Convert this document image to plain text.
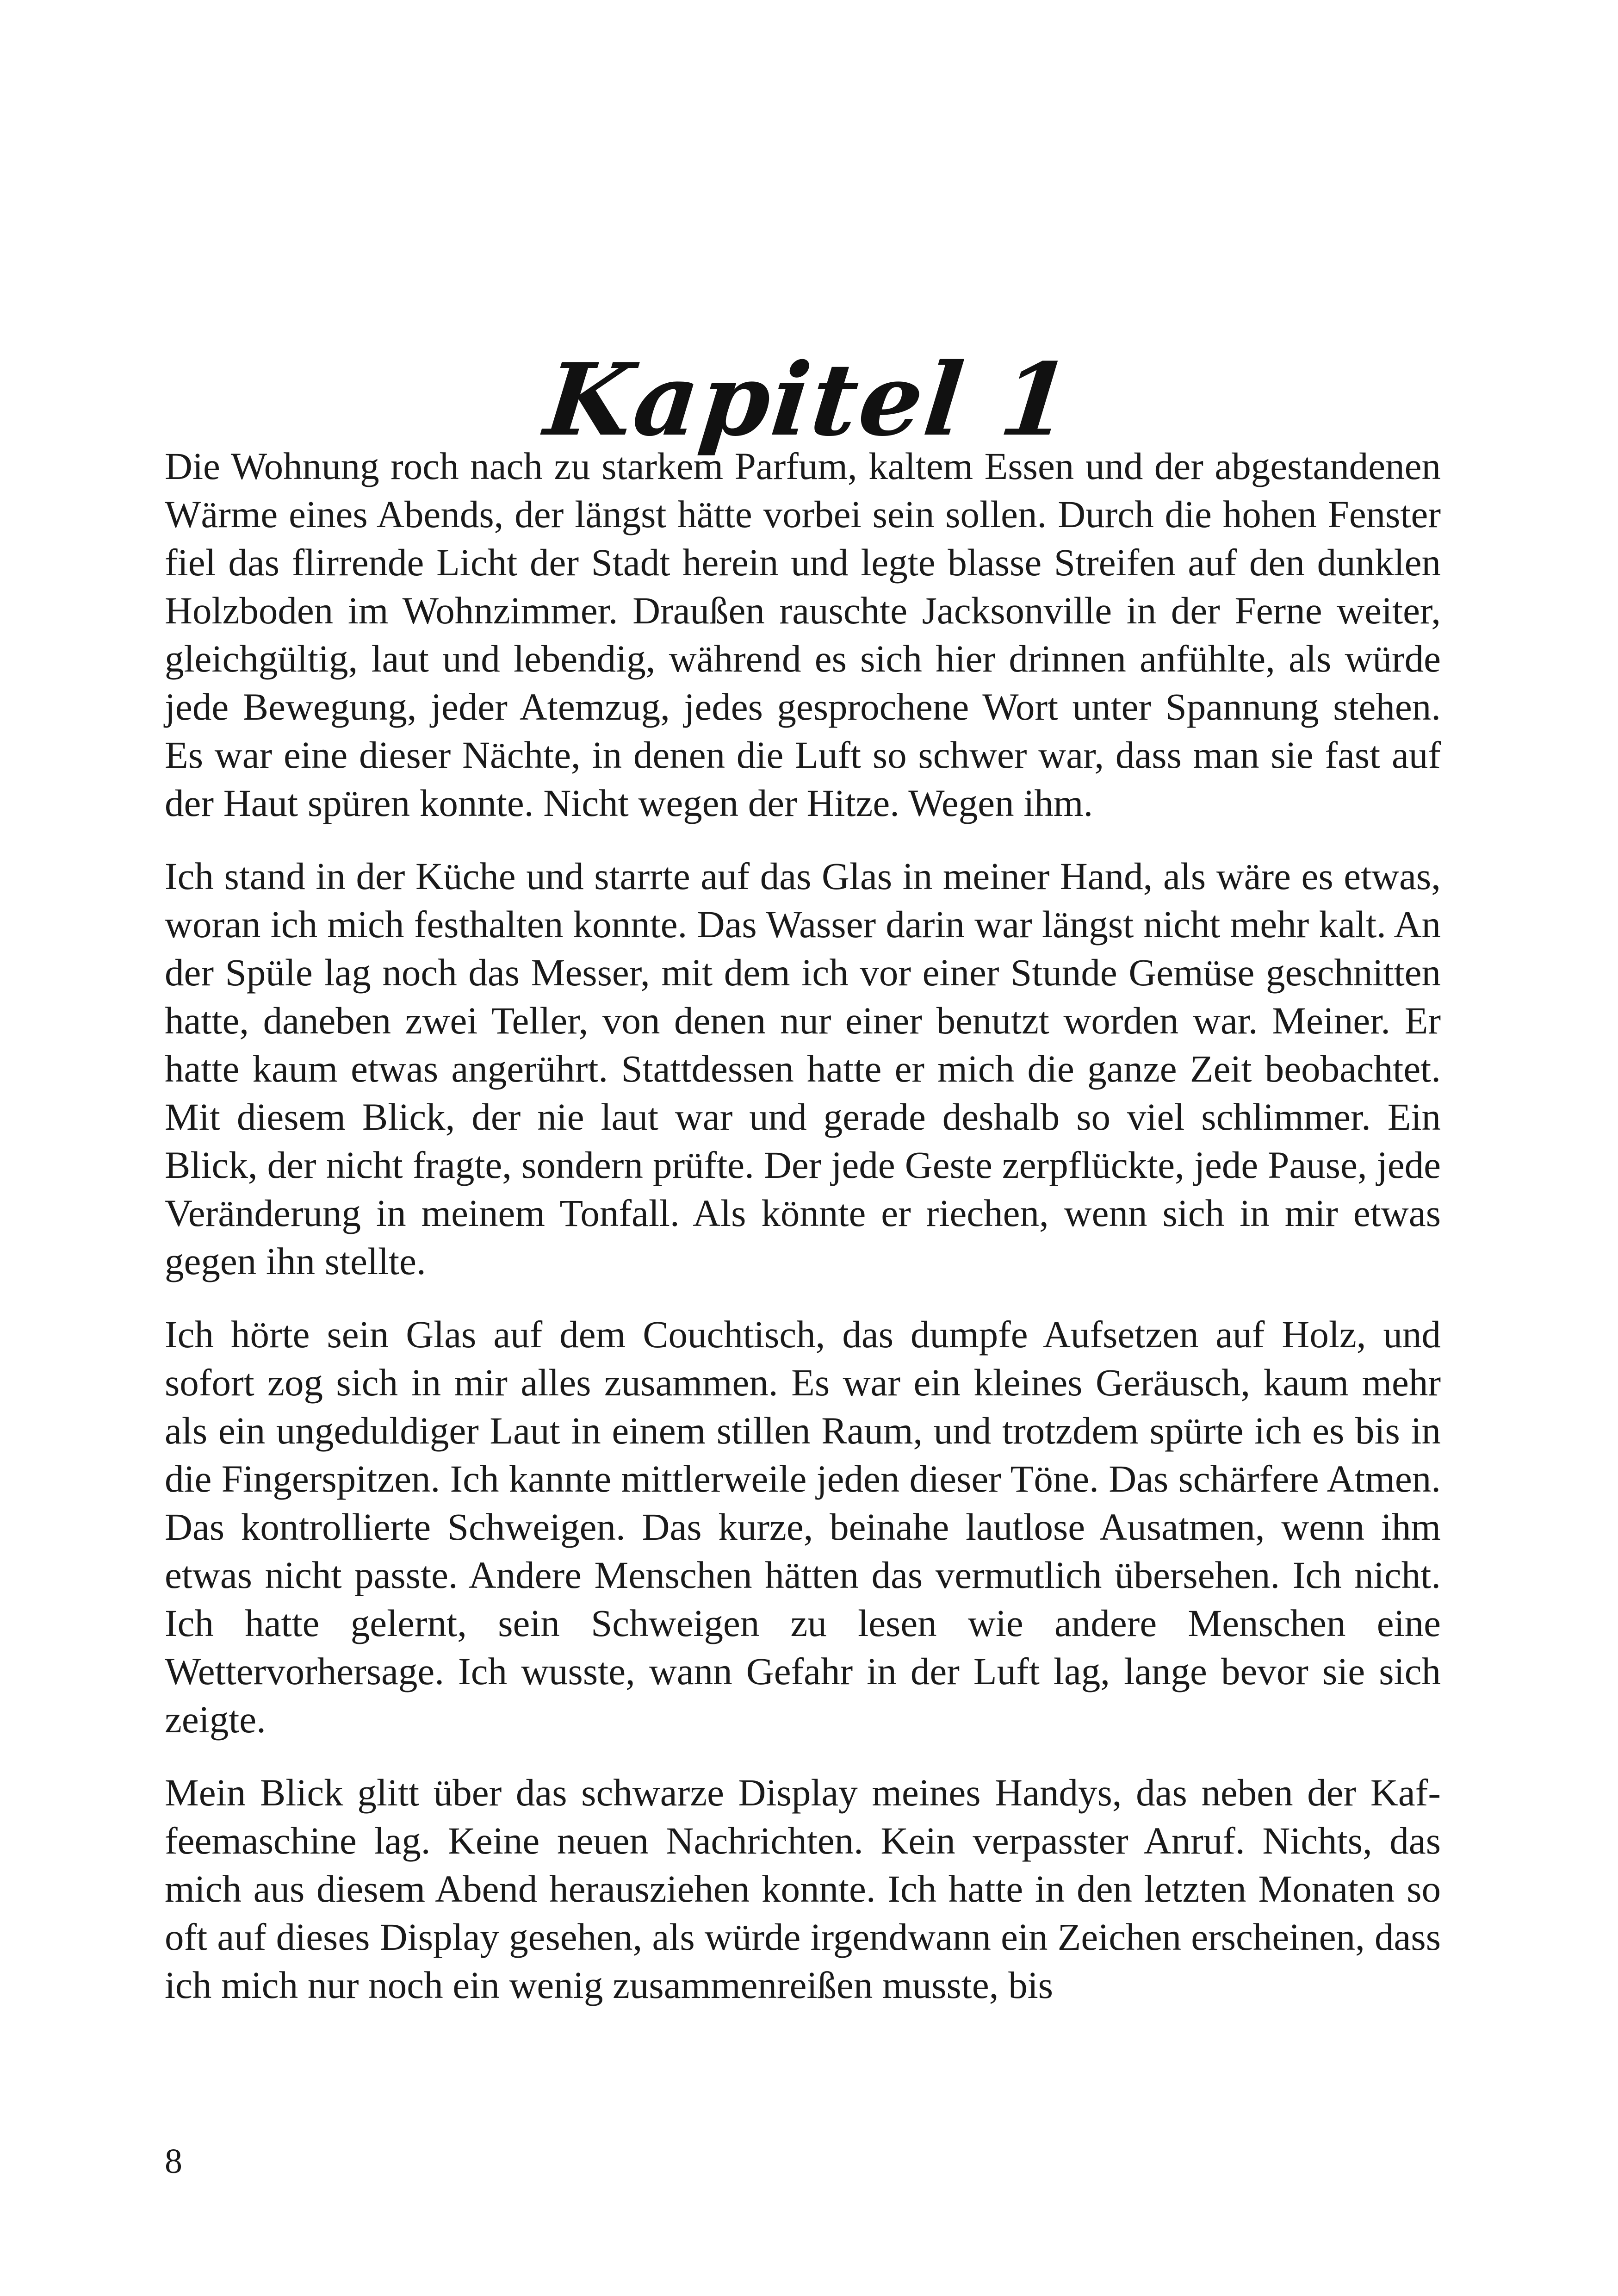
Kapitel 1

Die Wohnung roch nach zu starkem Parfum, kaltem Essen und der abgestandenen Wärme eines Abends, der längst hätte vorbei sein sollen. Durch die hohen Fenster fiel das flirrende Licht der Stadt herein und legte blasse Streifen auf den dunklen Holzboden im Wohnzimmer. Draußen rauschte Jacksonville in der Ferne weiter, gleichgültig, laut und lebendig, während es sich hier drinnen anfühlte, als würde jede Bewegung, jeder Atemzug, jedes gesprochene Wort unter Spannung stehen. Es war eine dieser Nächte, in denen die Luft so schwer war, dass man sie fast auf der Haut spüren konnte. Nicht wegen der Hitze. Wegen ihm.

Ich stand in der Küche und starrte auf das Glas in meiner Hand, als wäre es etwas, woran ich mich festhalten konnte. Das Wasser darin war längst nicht mehr kalt. An der Spüle lag noch das Messer, mit dem ich vor einer Stunde Gemüse geschnitten hatte, daneben zwei Teller, von denen nur einer benutzt worden war. Meiner. Er hatte kaum etwas angerührt. Stattdessen hatte er mich die ganze Zeit beobachtet. Mit diesem Blick, der nie laut war und gerade deshalb so viel schlimmer. Ein Blick, der nicht fragte, sondern prüfte. Der jede Geste zerpflückte, jede Pause, jede Veränderung in meinem Tonfall. Als könnte er riechen, wenn sich in mir etwas gegen ihn stellte.

Ich hörte sein Glas auf dem Couchtisch, das dumpfe Aufsetzen auf Holz, und sofort zog sich in mir alles zusammen. Es war ein kleines Geräusch, kaum mehr als ein ungeduldiger Laut in einem stillen Raum, und trotzdem spürte ich es bis in die Fingerspitzen. Ich kannte mittlerweile jeden dieser Töne. Das schärfere Atmen. Das kontrollierte Schweigen. Das kurze, beinahe lautlose Ausatmen, wenn ihm etwas nicht passte. Andere Menschen hätten das vermutlich übersehen. Ich nicht. Ich hatte gelernt, sein Schweigen zu lesen wie andere Menschen eine Wettervorhersage. Ich wusste, wann Gefahr in der Luft lag, lange bevor sie sich zeigte.

Mein Blick glitt über das schwarze Display meines Handys, das neben der Kaffeemaschine lag. Keine neuen Nachrichten. Kein verpasster Anruf. Nichts, das mich aus diesem Abend herausziehen konnte. Ich hatte in den letzten Monaten so oft auf dieses Display gesehen, als würde irgendwann ein Zeichen erscheinen, dass ich mich nur noch ein wenig zusammenreißen musste, bis

8
